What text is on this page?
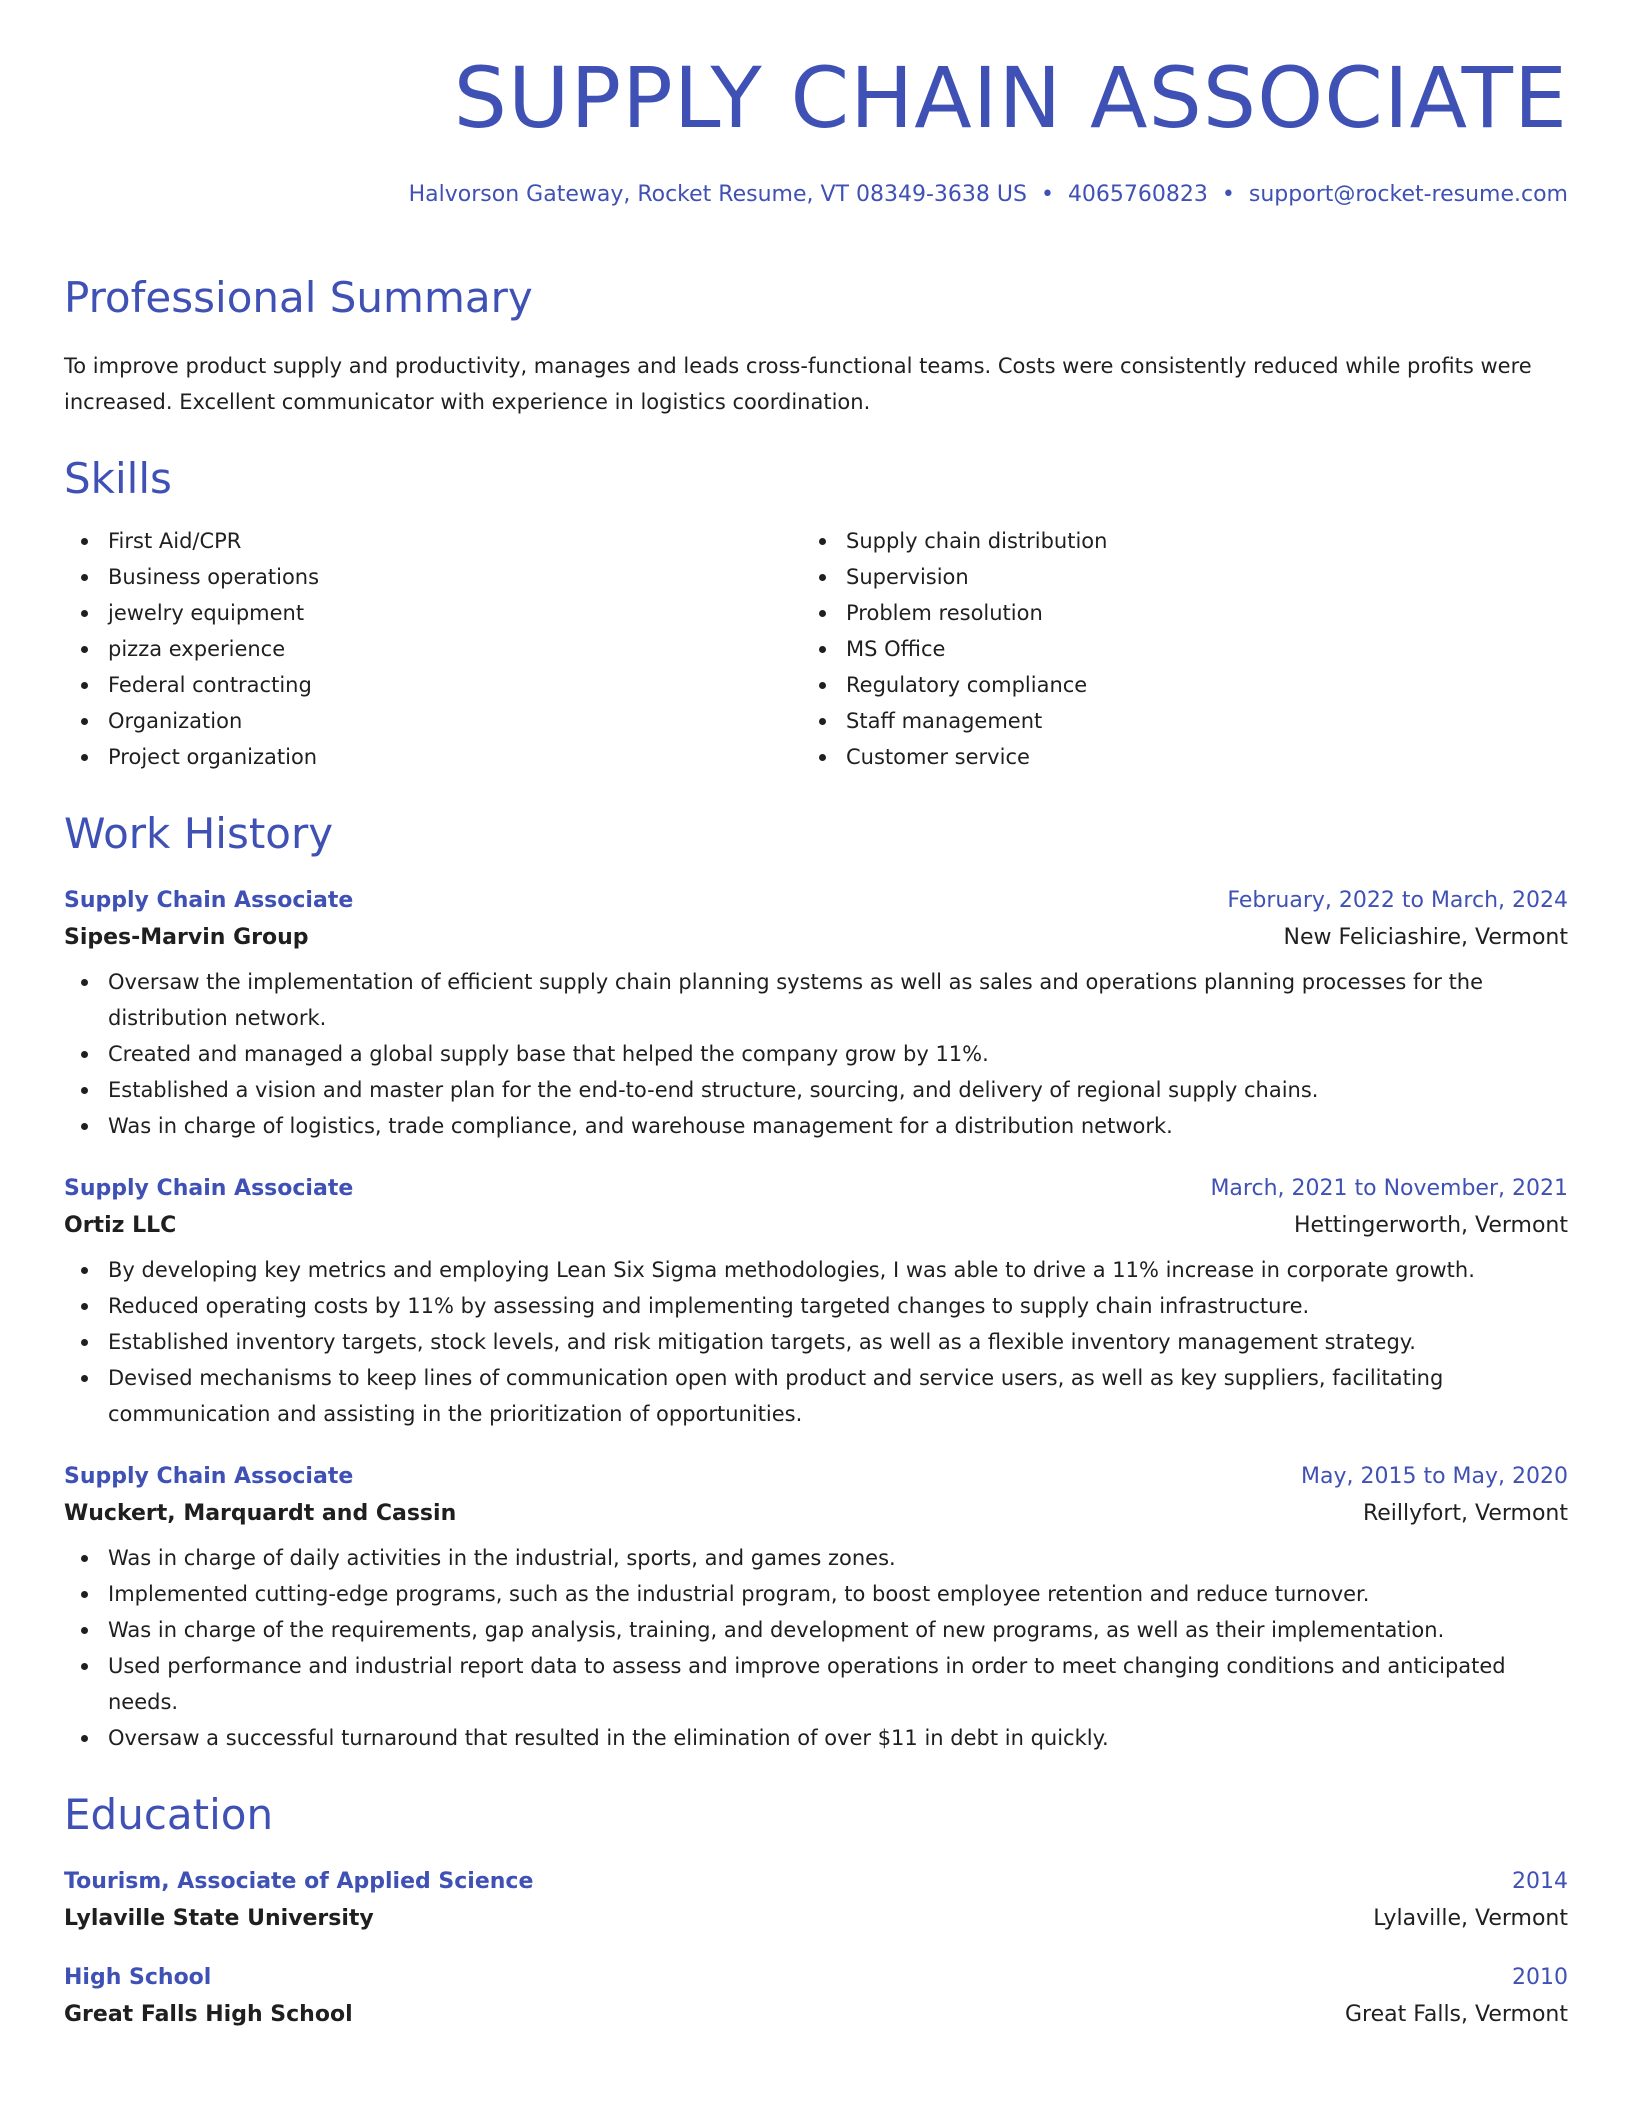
SUPPLY CHAIN ASSOCIATE
Halvorson Gateway, Rocket Resume, VT 08349-3638 US • 4065760823 • support@rocket-resume.com
Professional Summary

To improve product supply and productivity, manages and leads cross-functional teams. Costs were consistently reduced while profits were increased. Excellent communicator with experience in logistics coordination.

Skills
First Aid/CPR
Business operations
jewelry equipment
pizza experience
Federal contracting
Organization
Project organization
Supply chain distribution
Supervision
Problem resolution
MS Office
Regulatory compliance
Staff management
Customer service
Work History
Supply Chain Associate	February, 2022 to March, 2024
Sipes-Marvin Group	New Feliciashire, Vermont
Oversaw the implementation of efficient supply chain planning systems as well as sales and operations planning processes for the distribution network.
Created and managed a global supply base that helped the company grow by 11%.
Established a vision and master plan for the end-to-end structure, sourcing, and delivery of regional supply chains.
Was in charge of logistics, trade compliance, and warehouse management for a distribution network.
Supply Chain Associate	March, 2021 to November, 2021
Ortiz LLC	Hettingerworth, Vermont
By developing key metrics and employing Lean Six Sigma methodologies, I was able to drive a 11% increase in corporate growth.
Reduced operating costs by 11% by assessing and implementing targeted changes to supply chain infrastructure.
Established inventory targets, stock levels, and risk mitigation targets, as well as a flexible inventory management strategy.
Devised mechanisms to keep lines of communication open with product and service users, as well as key suppliers, facilitating communication and assisting in the prioritization of opportunities.
Supply Chain Associate	May, 2015 to May, 2020
Wuckert, Marquardt and Cassin	Reillyfort, Vermont
Was in charge of daily activities in the industrial, sports, and games zones.
Implemented cutting-edge programs, such as the industrial program, to boost employee retention and reduce turnover.
Was in charge of the requirements, gap analysis, training, and development of new programs, as well as their implementation.
Used performance and industrial report data to assess and improve operations in order to meet changing conditions and anticipated needs.
Oversaw a successful turnaround that resulted in the elimination of over $11 in debt in quickly.
Education
Tourism, Associate of Applied Science	2014
Lylaville State University	Lylaville, Vermont
High School	2010
Great Falls High School	Great Falls, Vermont
